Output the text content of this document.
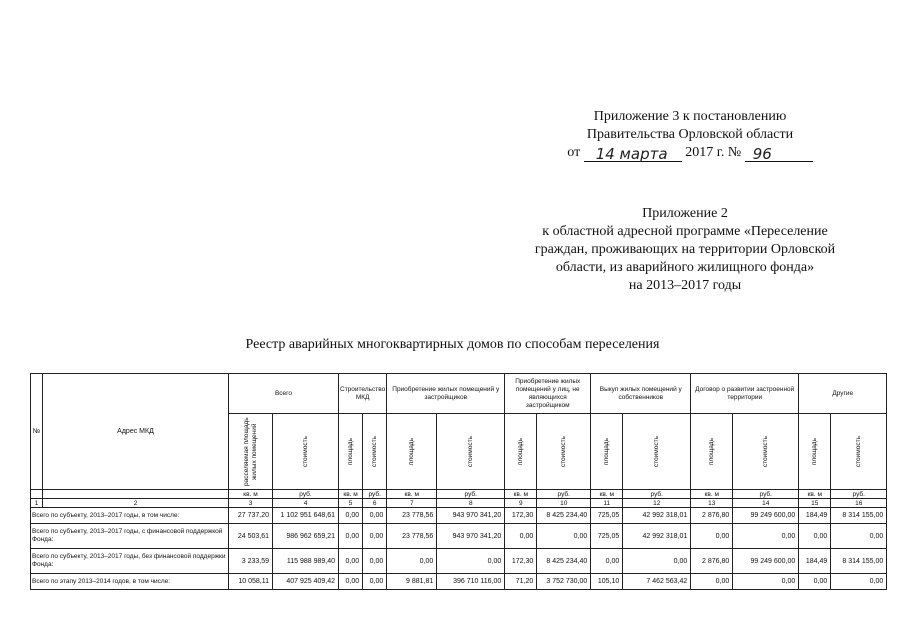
Приложение 3 к постановлению
Правительства Орловской области
от 14 марта 2017 г. № 96
Приложение 2
к областной адресной программе «Переселение
граждан, проживающих на территории Орловской
области, из аварийного жилищного фонда»
на 2013–2017 годы
Реестр аварийных многоквартирных домов по способам переселения
№	Адрес МКД	Всего		Строительство МКД		Приобретение жилых помещений у застройщиков		Приобретение жилых помещений у лиц, не являющихся застройщиком		Выкуп жилых помещений у собственников		Договор о развитии застроенной территории		Другие	

		расселяемая площадь жилых помещений	стоимость	площадь	стоимость	площадь	стоимость	площадь	стоимость	площадь	стоимость	площадь	стоимость	площадь	стоимость

		кв. м	руб.	кв. м	руб.	кв. м	руб.	кв. м	руб.	кв. м	руб.	кв. м	руб.	кв. м	руб.
1	2	3	4	5	6	7	8	9	10	11	12	13	14	15	16
Всего по субъекту, 2013–2017 годы, в том числе:		27 737,20	1 102 951 648,61	0,00	0,00	23 778,56	943 970 341,20	172,30	8 425 234,40	725,05	42 992 318,01	2 876,80	99 249 600,00	184,49	8 314 155,00
Всего по субъекту, 2013–2017 годы, с финансовой поддержкой Фонда:		24 503,61	986 962 659,21	0,00	0,00	23 778,56	943 970 341,20	0,00	0,00	725,05	42 992 318,01	0,00	0,00	0,00	0,00
Всего по субъекту, 2013–2017 годы, без финансовой поддержки Фонда:		3 233,59	115 988 989,40	0,00	0,00	0,00	0,00	172,30	8 425 234,40	0,00	0,00	2 876,80	99 249 600,00	184,49	8 314 155,00
Всего по этапу 2013–2014 годов, в том числе:		10 058,11	407 925 409,42	0,00	0,00	9 881,81	396 710 116,00	71,20	3 752 730,00	105,10	7 462 563,42	0,00	0,00	0,00	0,00
